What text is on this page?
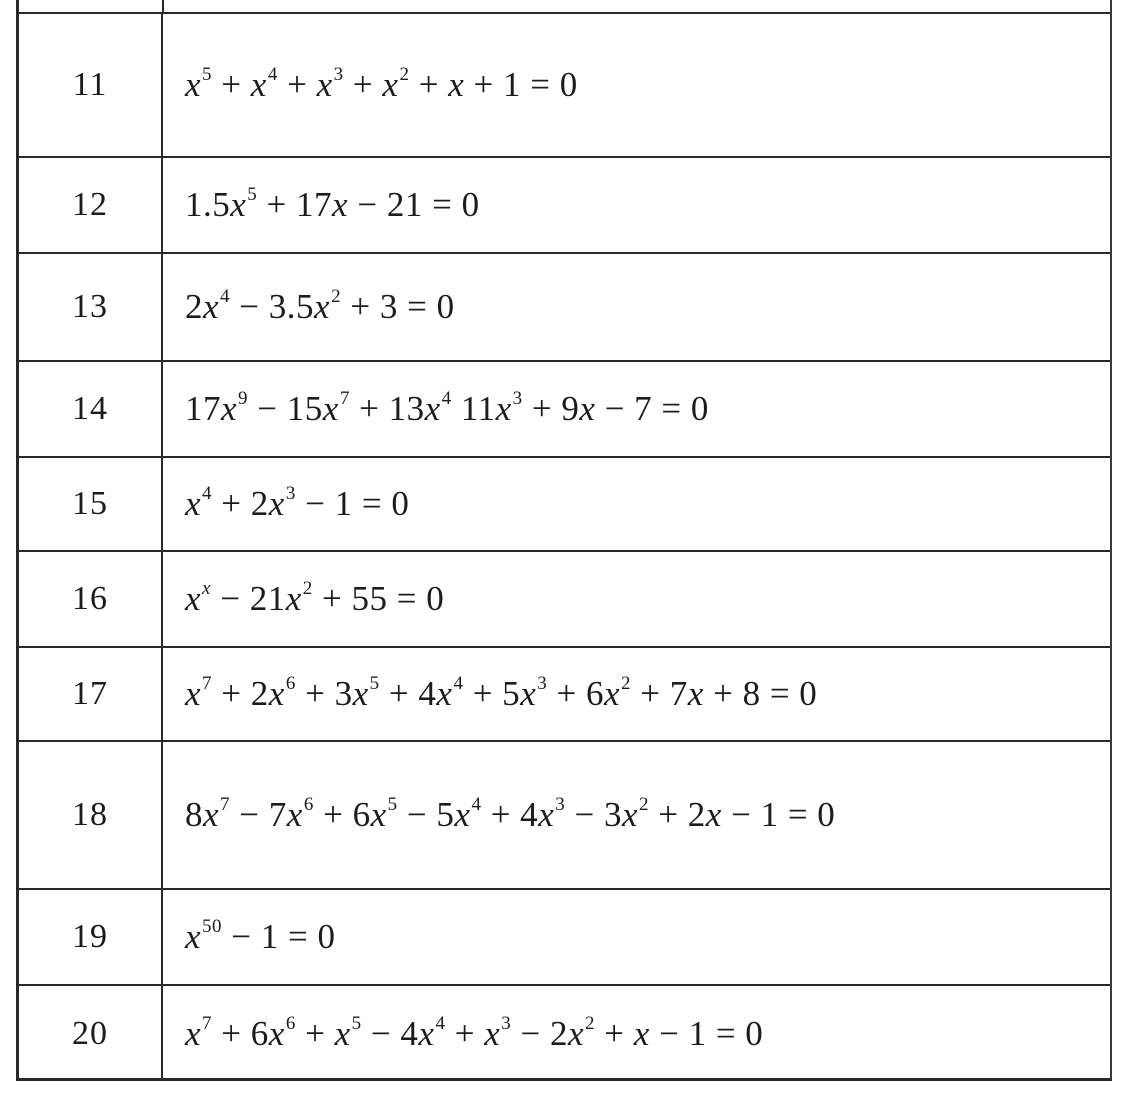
11	$x^5 + x^4 + x^3 + x^2 + x + 1 = 0$
12	$1.5x^5 + 17x - 21 = 0$
13	$2x^4 - 3.5x^2 + 3 = 0$
14	$17x^9 - 15x^7 + 13x^4$ $11x^3 + 9x - 7 = 0$
15	$x^4 + 2x^3 - 1 = 0$
16	$x^x - 21x^2 + 55 = 0$
17	$x^7 + 2x^6 + 3x^5 + 4x^4 + 5x^3 + 6x^2 + 7x + 8 = 0$
18	$8x^7 - 7x^6 + 6x^5 - 5x^4 + 4x^3 - 3x^2 + 2x - 1 = 0$
19	$x^{50} - 1 = 0$
20	$x^7 + 6x^6 + x^5 - 4x^4 + x^3 - 2x^2 + x - 1 = 0$
